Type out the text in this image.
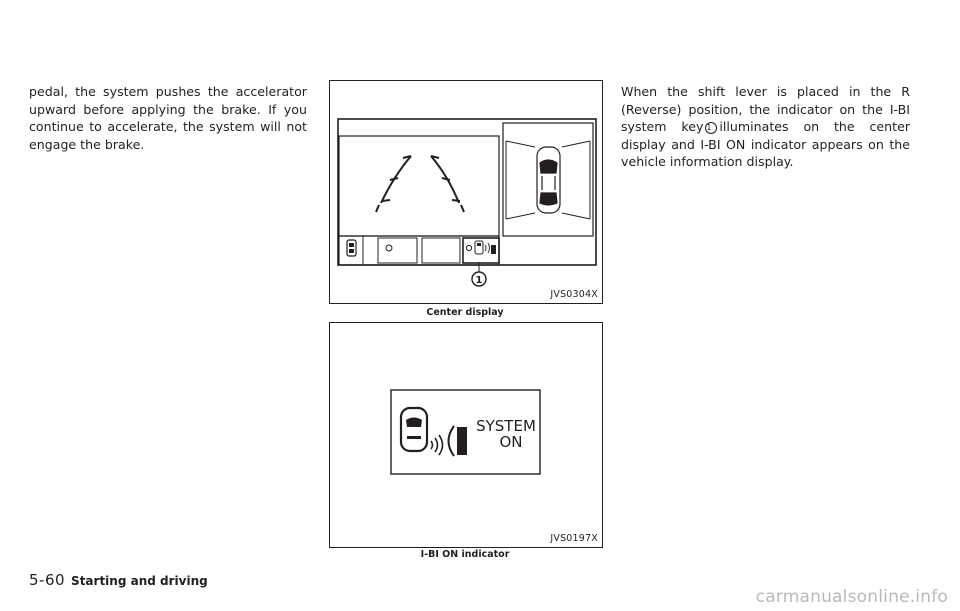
pedal, the system pushes the accelerator upward before applying the brake. If you continue to accelerate, the system will not engage the brake.
1
JVS0304X
Center display
SYSTEM
ON
JVS0197X
I-BI ON indicator
When the shift lever is placed in the R (Reverse) position, the indicator on the I-BI system key 1 illuminates on the center display and I-BI ON indicator appears on the vehicle information display.
5-60 Starting and driving
carmanualsonline.info
